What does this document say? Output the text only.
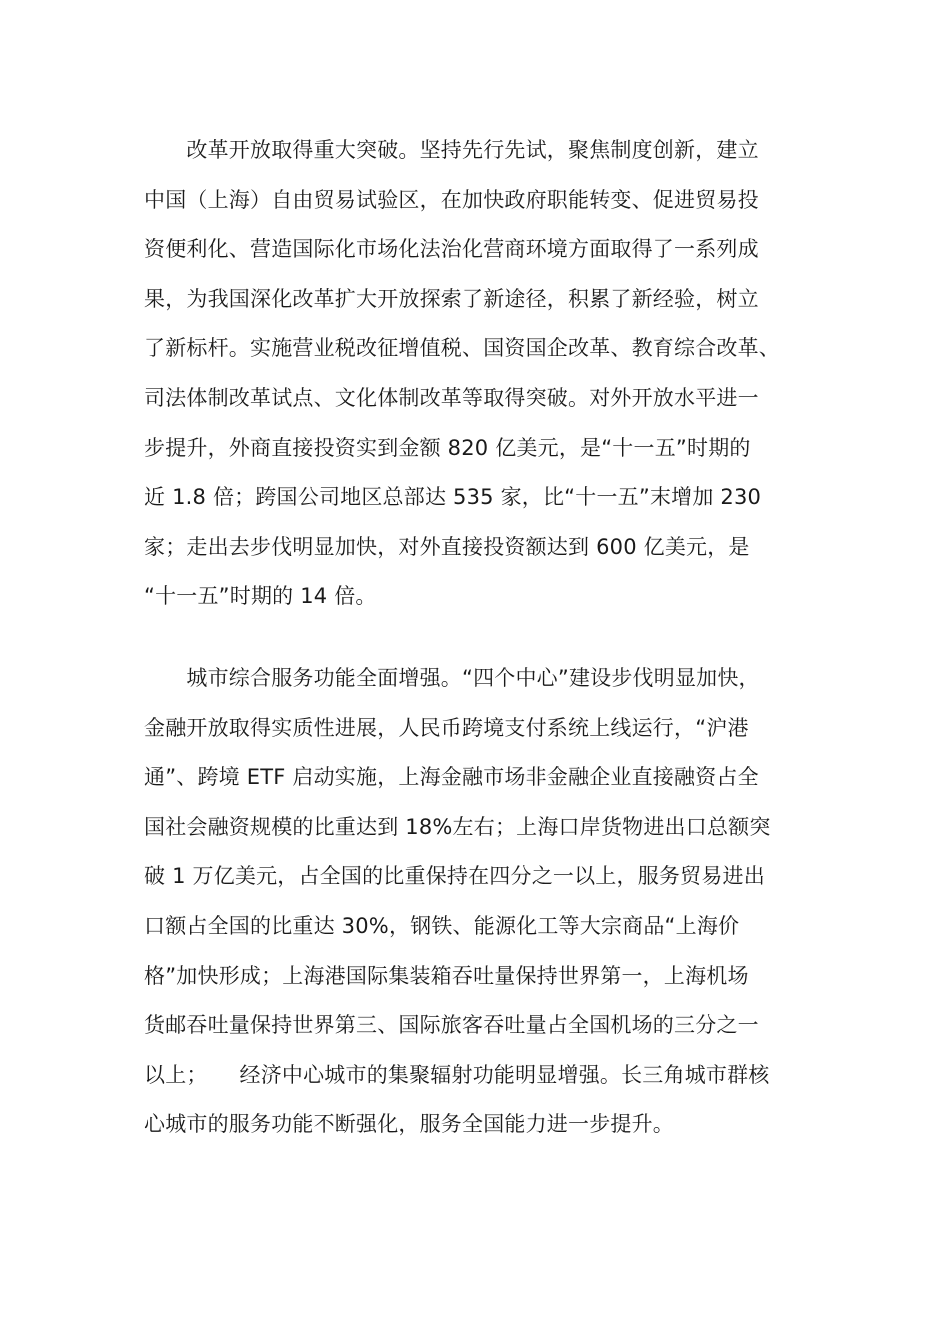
　　改革开放取得重大突破。坚持先行先试，聚焦制度创新，建立
中国（上海）自由贸易试验区，在加快政府职能转变、促进贸易投
资便利化、营造国际化市场化法治化营商环境方面取得了一系列成
果，为我国深化改革扩大开放探索了新途径，积累了新经验，树立
了新标杆。实施营业税改征增值税、国资国企改革、教育综合改革、
司法体制改革试点、文化体制改革等取得突破。对外开放水平进一
步提升，外商直接投资实到金额 820 亿美元，是“十一五”时期的
近 1.8 倍；跨国公司地区总部达 535 家，比“十一五”末增加 230
家；走出去步伐明显加快，对外直接投资额达到 600 亿美元，是
“十一五”时期的 14 倍。
　　城市综合服务功能全面增强。“四个中心”建设步伐明显加快，
金融开放取得实质性进展，人民币跨境支付系统上线运行，“沪港
通”、跨境 ETF 启动实施，上海金融市场非金融企业直接融资占全
国社会融资规模的比重达到 18%左右；上海口岸货物进出口总额突
破 1 万亿美元，占全国的比重保持在四分之一以上，服务贸易进出
口额占全国的比重达 30%，钢铁、能源化工等大宗商品“上海价
格”加快形成；上海港国际集装箱吞吐量保持世界第一，上海机场
货邮吞吐量保持世界第三、国际旅客吞吐量占全国机场的三分之一
以上；　　经济中心城市的集聚辐射功能明显增强。长三角城市群核
心城市的服务功能不断强化，服务全国能力进一步提升。
